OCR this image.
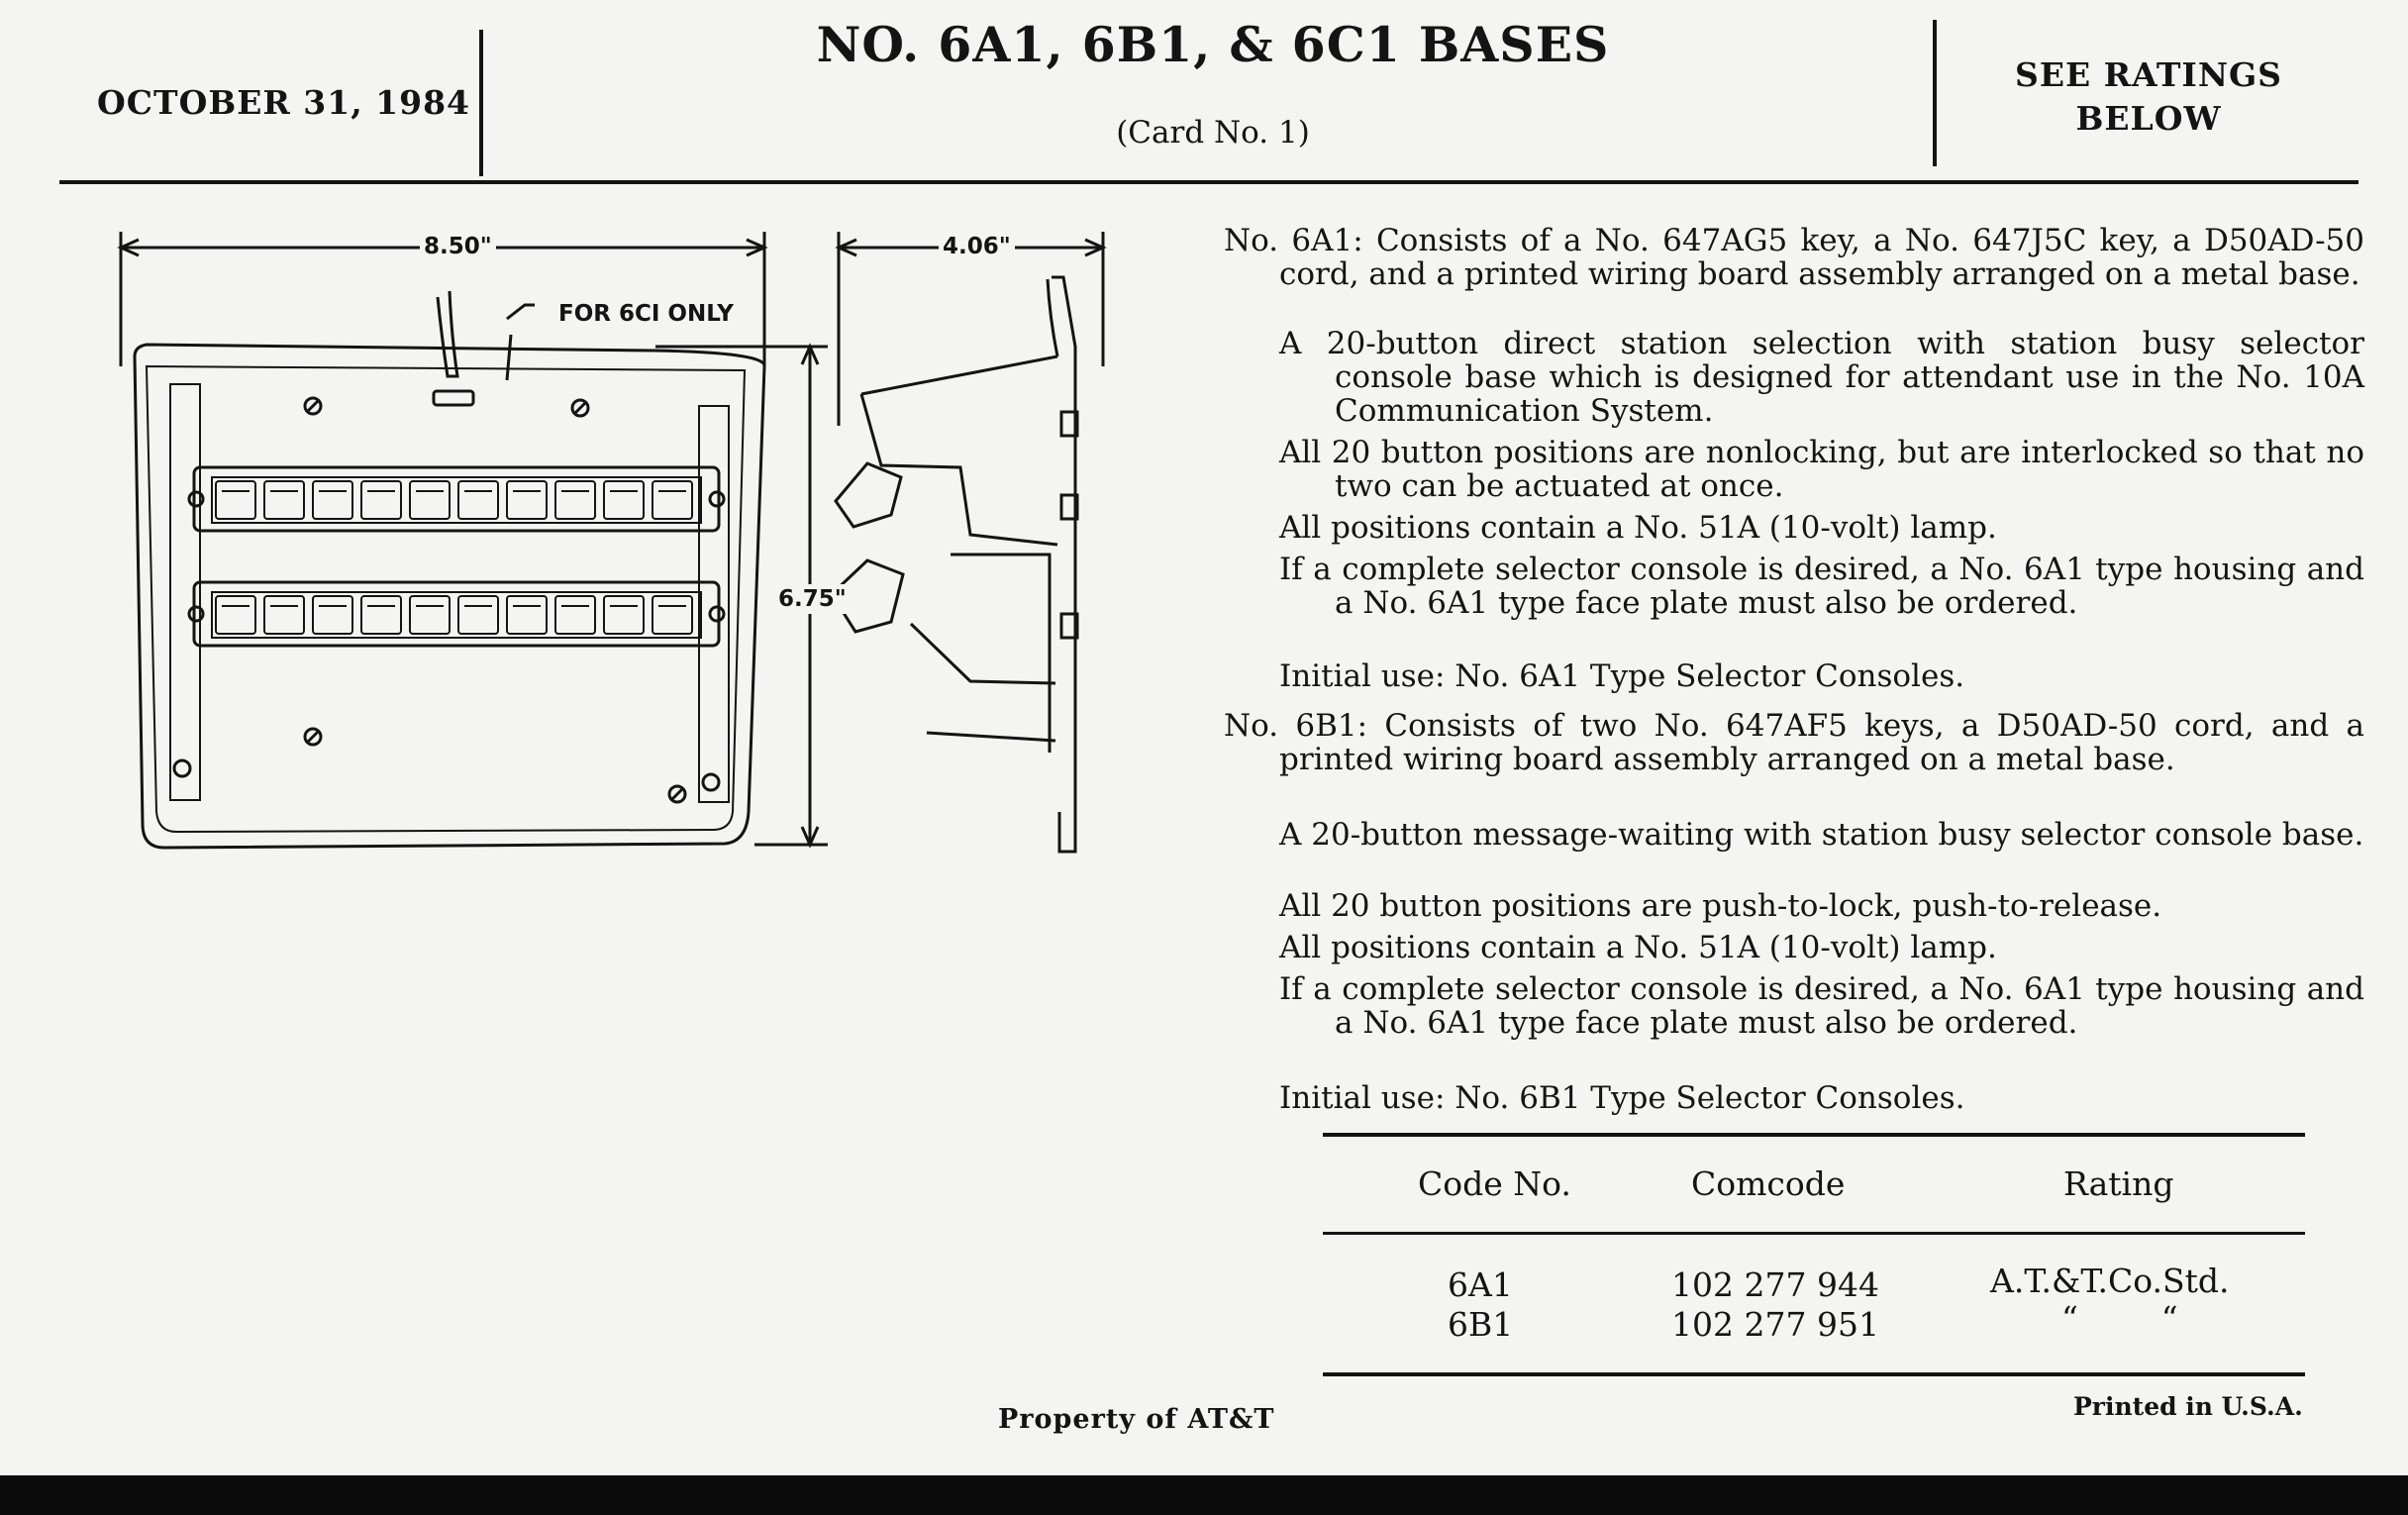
OCTOBER 31, 1984
NO. 6A1, 6B1, & 6C1 BASES
(Card No. 1)
SEE RATINGS
BELOW
8.50"	4.06"
6.75"
FOR 6CI ONLY
No. 6A1: Consists of a No. 647AG5 key, a No. 647J5C key, a D50AD-50 cord, and a printed wiring board assembly arranged on a metal base.
A 20-button direct station selection with station busy selector console base which is designed for attendant use in the No. 10A Communication System.
All 20 button positions are nonlocking, but are interlocked so that no two can be actuated at once.
All positions contain a No. 51A (10-volt) lamp.
If a complete selector console is desired, a No. 6A1 type housing and a No. 6A1 type face plate must also be ordered.
Initial use: No. 6A1 Type Selector Consoles.
No. 6B1: Consists of two No. 647AF5 keys, a D50AD-50 cord, and a printed wiring board assembly arranged on a metal base.
A 20-button message-waiting with station busy selector console base.
All 20 button positions are push-to-lock, push-to-release.
All positions contain a No. 51A (10-volt) lamp.
If a complete selector console is desired, a No. 6A1 type housing and a No. 6A1 type face plate must also be ordered.
Initial use: No. 6B1 Type Selector Consoles.
Code No.	Comcode	Rating
6A1	102 277 944	A.T.&T.Co.Std.
6B1	102 277 951	“        “
Property of AT&T	Printed in U.S.A.
